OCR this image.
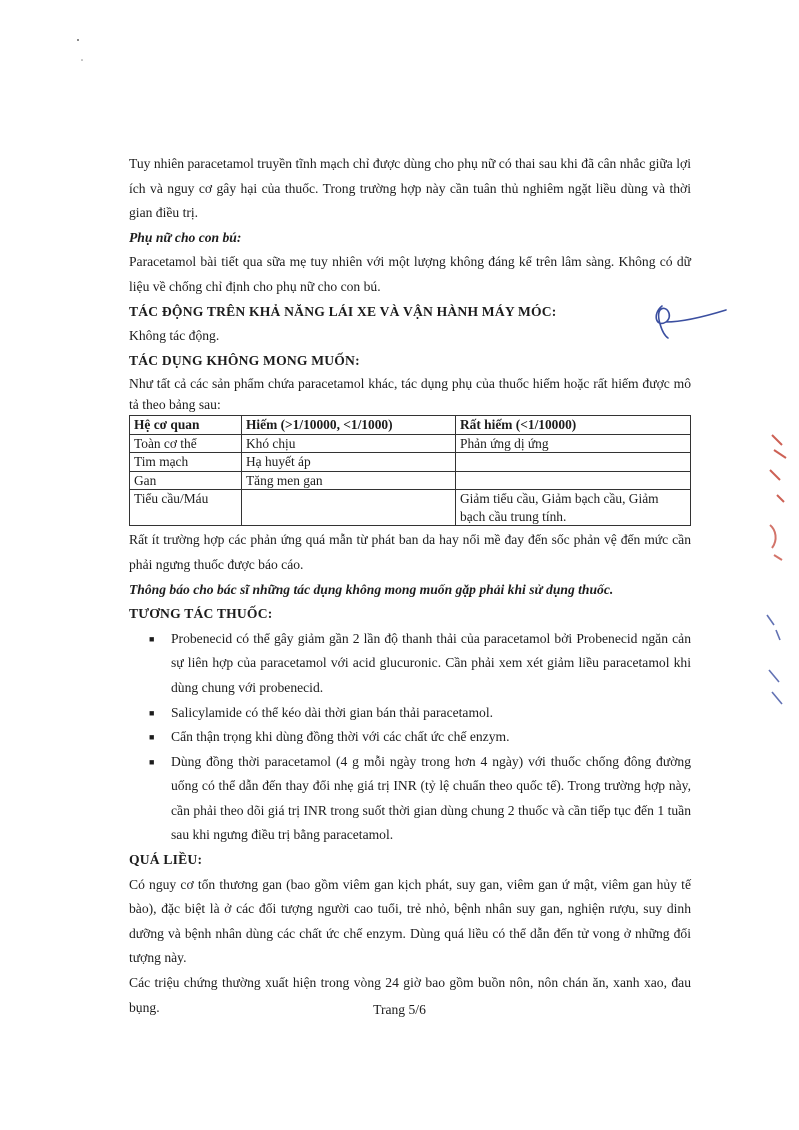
Tuy nhiên paracetamol truyền tĩnh mạch chỉ được dùng cho phụ nữ có thai sau khi đã cân nhắc giữa lợi ích và nguy cơ gây hại của thuốc. Trong trường hợp này cần tuân thủ nghiêm ngặt liều dùng và thời gian điều trị.

Phụ nữ cho con bú:

Paracetamol bài tiết qua sữa mẹ tuy nhiên với một lượng không đáng kể trên lâm sàng. Không có dữ liệu về chống chỉ định cho phụ nữ cho con bú.

TÁC ĐỘNG TRÊN KHẢ NĂNG LÁI XE VÀ VẬN HÀNH MÁY MÓC:

Không tác động.

TÁC DỤNG KHÔNG MONG MUỐN:

Như tất cả các sản phẩm chứa paracetamol khác, tác dụng phụ của thuốc hiếm hoặc rất hiếm được mô tả theo bảng sau:

Hệ cơ quan	Hiếm (>1/10000, <1/1000)	Rất hiếm (<1/10000)
Toàn cơ thể	Khó chịu	Phản ứng dị ứng
Tim mạch	Hạ huyết áp	
Gan	Tăng men gan	
Tiểu cầu/Máu		Giảm tiểu cầu, Giảm bạch cầu, Giảm bạch cầu trung tính.

Rất ít trường hợp các phản ứng quá mẫn từ phát ban da hay nổi mề đay đến sốc phản vệ đến mức cần phải ngưng thuốc được báo cáo.

Thông báo cho bác sĩ những tác dụng không mong muốn gặp phải khi sử dụng thuốc.

TƯƠNG TÁC THUỐC:

■ Probenecid có thể gây giảm gần 2 lần độ thanh thải của paracetamol bởi Probenecid ngăn cản sự liên hợp của paracetamol với acid glucuronic. Cần phải xem xét giảm liều paracetamol khi dùng chung với probenecid.
■ Salicylamide có thể kéo dài thời gian bán thải paracetamol.
■ Cẩn thận trọng khi dùng đồng thời với các chất ức chế enzym.
■ Dùng đồng thời paracetamol (4 g mỗi ngày trong hơn 4 ngày) với thuốc chống đông đường uống có thể dẫn đến thay đổi nhẹ giá trị INR (tỷ lệ chuẩn theo quốc tế). Trong trường hợp này, cần phải theo dõi giá trị INR trong suốt thời gian dùng chung 2 thuốc và cần tiếp tục đến 1 tuần sau khi ngưng điều trị bằng paracetamol.

QUÁ LIỀU:

Có nguy cơ tổn thương gan (bao gồm viêm gan kịch phát, suy gan, viêm gan ứ mật, viêm gan hủy tế bào), đặc biệt là ở các đối tượng người cao tuổi, trẻ nhỏ, bệnh nhân suy gan, nghiện rượu, suy dinh dưỡng và bệnh nhân dùng các chất ức chế enzym. Dùng quá liều có thể dẫn đến tử vong ở những đối tượng này.

Các triệu chứng thường xuất hiện trong vòng 24 giờ bao gồm buồn nôn, nôn chán ăn, xanh xao, đau bụng.	Trang 5/6
